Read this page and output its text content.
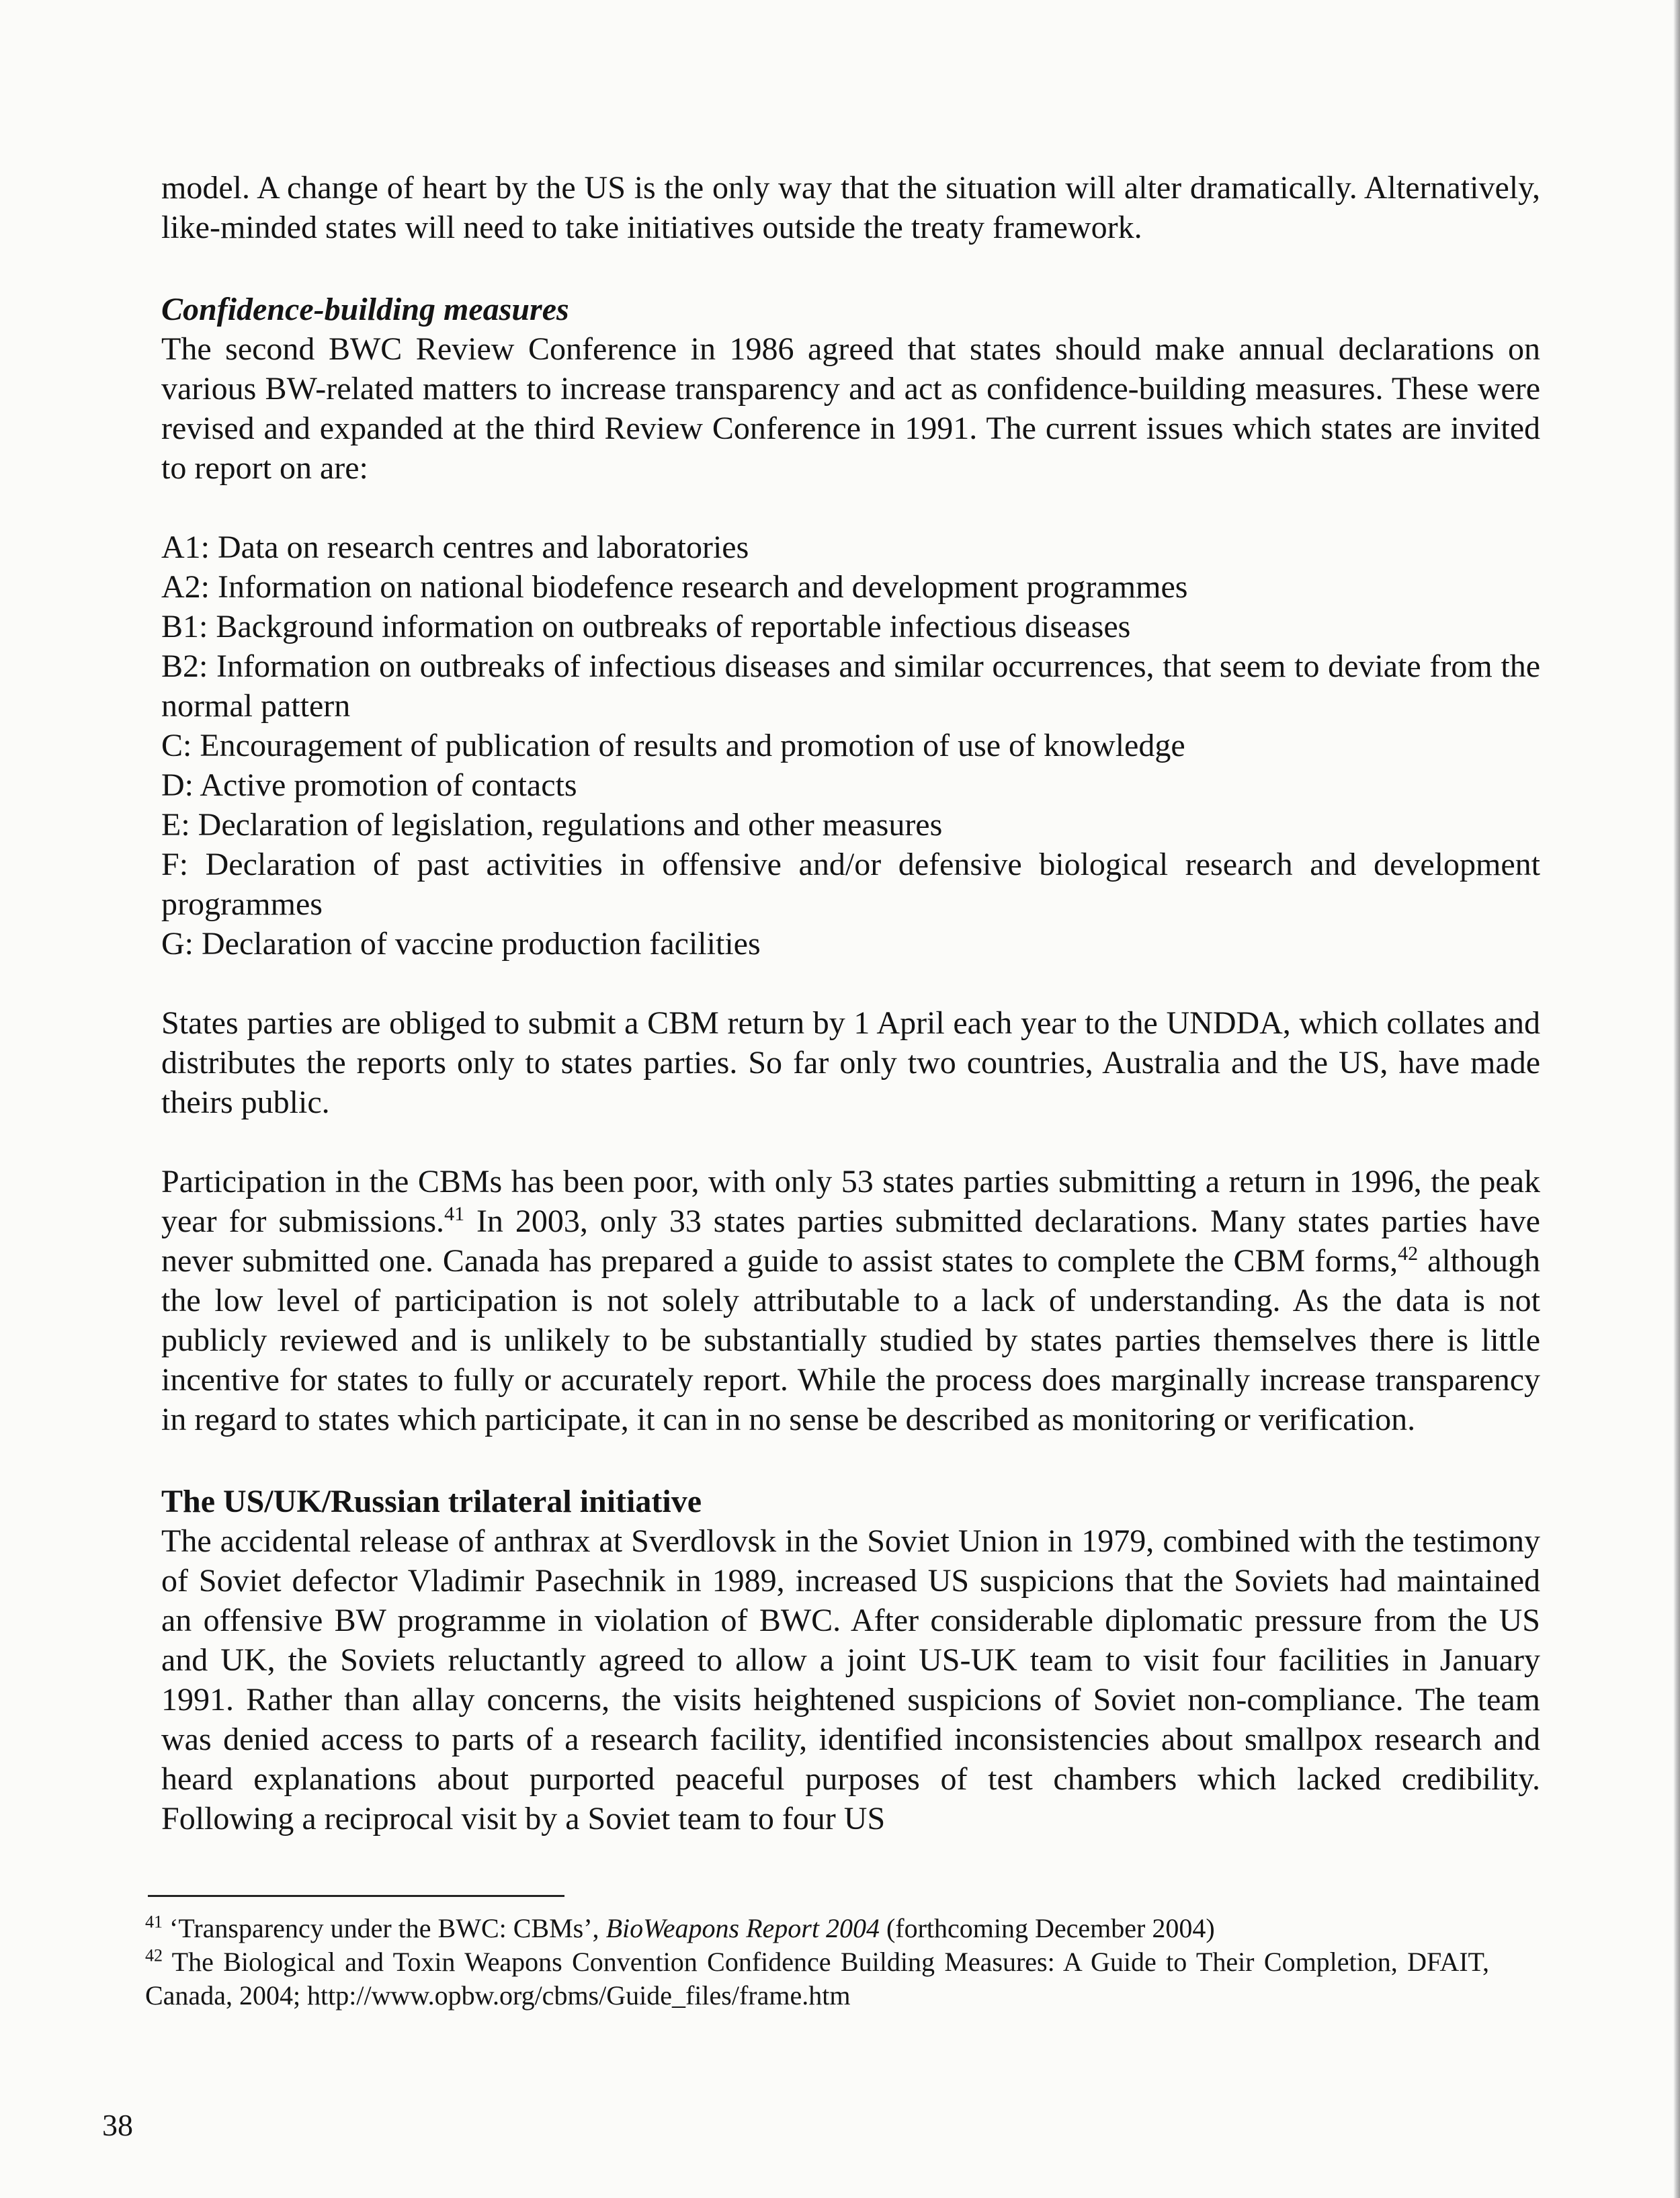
model. A change of heart by the US is the only way that the situation will alter dramatically. Alternatively, like-minded states will need to take initiatives outside the treaty framework.

Confidence-building measures

The second BWC Review Conference in 1986 agreed that states should make annual declarations on various BW-related matters to increase transparency and act as confidence-building measures. These were revised and expanded at the third Review Conference in 1991. The current issues which states are invited to report on are:

A1: Data on research centres and laboratories
A2: Information on national biodefence research and development programmes
B1: Background information on outbreaks of reportable infectious diseases
B2: Information on outbreaks of infectious diseases and similar occurrences, that seem to deviate from the normal pattern
C: Encouragement of publication of results and promotion of use of knowledge
D: Active promotion of contacts
E: Declaration of legislation, regulations and other measures
F: Declaration of past activities in offensive and/or defensive biological research and development programmes
G: Declaration of vaccine production facilities

States parties are obliged to submit a CBM return by 1 April each year to the UNDDA, which collates and distributes the reports only to states parties. So far only two countries, Australia and the US, have made theirs public.

Participation in the CBMs has been poor, with only 53 states parties submitting a return in 1996, the peak year for submissions.$^{41}$ In 2003, only 33 states parties submitted declarations. Many states parties have never submitted one. Canada has prepared a guide to assist states to complete the CBM forms,$^{42}$ although the low level of participation is not solely attributable to a lack of understanding. As the data is not publicly reviewed and is unlikely to be substantially studied by states parties themselves there is little incentive for states to fully or accurately report. While the process does marginally increase transparency in regard to states which participate, it can in no sense be described as monitoring or verification.

The US/UK/Russian trilateral initiative

The accidental release of anthrax at Sverdlovsk in the Soviet Union in 1979, combined with the testimony of Soviet defector Vladimir Pasechnik in 1989, increased US suspicions that the Soviets had maintained an offensive BW programme in violation of BWC. After considerable diplomatic pressure from the US and UK, the Soviets reluctantly agreed to allow a joint US-UK team to visit four facilities in January 1991. Rather than allay concerns, the visits heightened suspicions of Soviet non-compliance. The team was denied access to parts of a research facility, identified inconsistencies about smallpox research and heard explanations about purported peaceful purposes of test chambers which lacked credibility. Following a reciprocal visit by a Soviet team to four US

$^{41}$ ‘Transparency under the BWC: CBMs’, BioWeapons Report 2004 (forthcoming December 2004)

$^{42}$ The Biological and Toxin Weapons Convention Confidence Building Measures: A Guide to Their Completion, DFAIT, Canada, 2004; http://www.opbw.org/cbms/Guide_files/frame.htm

38
